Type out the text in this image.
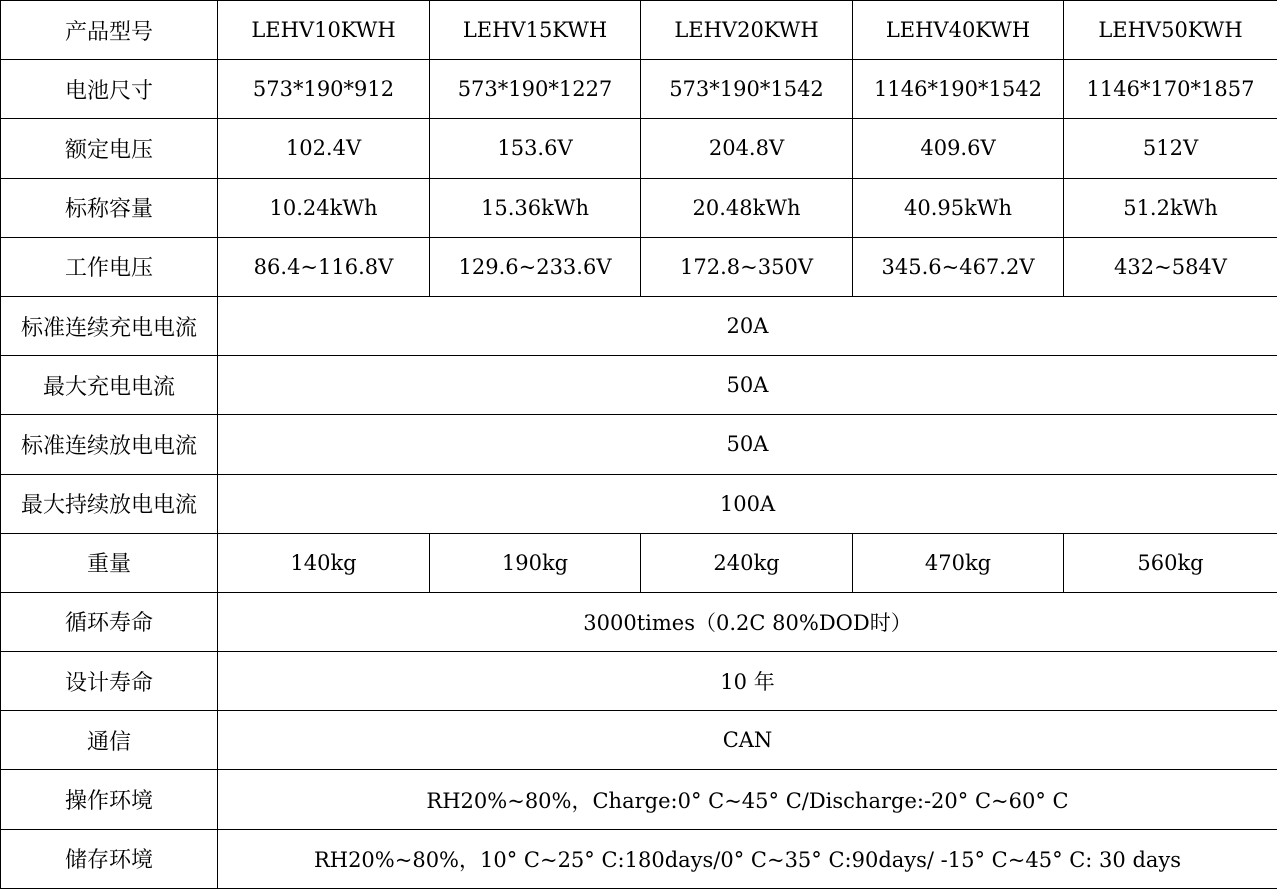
产品型号	LEHV10KWH	LEHV15KWH	LEHV20KWH	LEHV40KWH	LEHV50KWH
电池尺寸	573*190*912	573*190*1227	573*190*1542	1146*190*1542	1146*170*1857
额定电压	102.4V	153.6V	204.8V	409.6V	512V
标称容量	10.24kWh	15.36kWh	20.48kWh	40.95kWh	51.2kWh
工作电压	86.4~116.8V	129.6~233.6V	172.8~350V	345.6~467.2V	432~584V
标准连续充电电流	20A				
最大充电电流	50A				
标准连续放电电流	50A				
最大持续放电电流	100A				
重量	140kg	190kg	240kg	470kg	560kg
循环寿命	3000times（0.2C 80%DOD时）				
设计寿命	10 年				
通信	CAN				
操作环境	RH20%~80%，Charge:0° C~45° C/Discharge:-20° C~60° C				
储存环境	RH20%~80%，10° C~25° C:180days/0° C~35° C:90days/ -15° C~45° C: 30 days				
